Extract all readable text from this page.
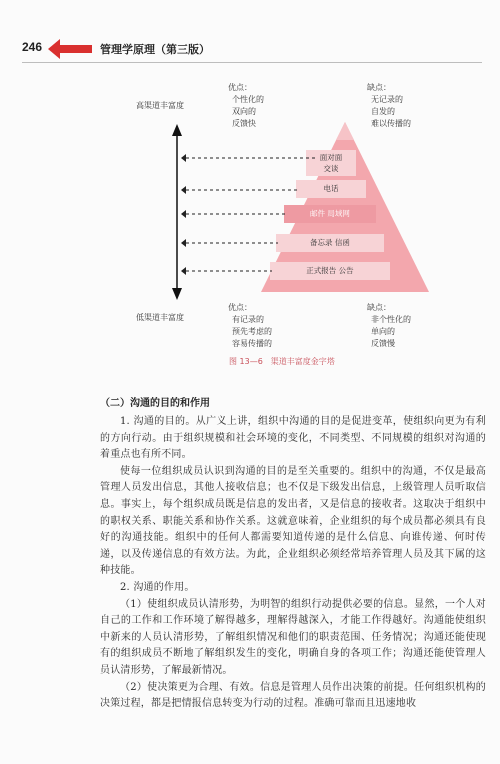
246	管理学原理（第三版）
面对面
交谈
电话
邮件 局域网
备忘录 信函
正式报告 公告
高渠道丰富度
低渠道丰富度
优点：
个性化的
双向的
反馈快
缺点：
无记录的
自发的
难以传播的
优点：
有记录的
预先考虑的
容易传播的
缺点：
非个性化的
单向的
反馈慢
图 13—6　渠道丰富度金字塔
（二）沟通的目的和作用

1. 沟通的目的。从广义上讲，组织中沟通的目的是促进变革，使组织向更为有利的方向行动。由于组织规模和社会环境的变化，不同类型、不同规模的组织对沟通的着重点也有所不同。

使每一位组织成员认识到沟通的目的是至关重要的。组织中的沟通，不仅是最高管理人员发出信息，其他人接收信息；也不仅是下级发出信息，上级管理人员听取信息。事实上，每个组织成员既是信息的发出者，又是信息的接收者。这取决于组织中的职权关系、职能关系和协作关系。这就意味着，企业组织的每个成员都必须具有良好的沟通技能。组织中的任何人都需要知道传递的是什么信息、向谁传递、何时传递，以及传递信息的有效方法。为此，企业组织必须经常培养管理人员及其下属的这种技能。

2. 沟通的作用。

（1）使组织成员认清形势，为明智的组织行动提供必要的信息。显然，一个人对自己的工作和工作环境了解得越多，理解得越深入，才能工作得越好。沟通能使组织中新来的人员认清形势，了解组织情况和他们的职责范围、任务情况；沟通还能使现有的组织成员不断地了解组织发生的变化，明确自身的各项工作；沟通还能使管理人员认清形势，了解最新情况。

（2）使决策更为合理、有效。信息是管理人员作出决策的前提。任何组织机构的决策过程，都是把情报信息转变为行动的过程。准确可靠而且迅速地收
